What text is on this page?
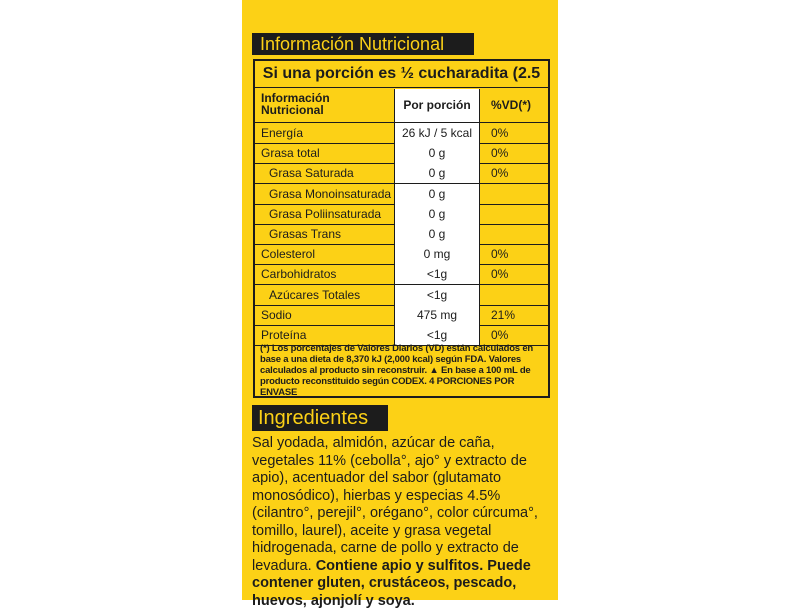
Información Nutricional
Si una porción es ½ cucharadita (2.5
Información
Nutricional	Por porción	%VD(*)
Energía	26 kJ / 5 kcal	0%
Grasa total	0 g	0%
Grasa Saturada	0 g	0%
Grasa Monoinsaturada	0 g
Grasa Poliinsaturada	0 g
Grasas Trans	0 g
Colesterol	0 mg	0%
Carbohidratos	<1g	0%
Azúcares Totales	<1g
Sodio	475 mg	21%
Proteína	<1g	0%
(*) Los porcentajes de Valores Diarios (VD) están calculados en base a una dieta de 8,370 kJ (2,000 kcal) según FDA. Valores calculados al producto sin reconstruir. ▲ En base a 100 mL de producto reconstituido según CODEX. 4 PORCIONES POR ENVASE
Ingredientes
Sal yodada, almidón, azúcar de caña, vegetales 11% (cebolla°, ajo° y extracto de apio), acentuador del sabor (glutamato monosódico), hierbas y especias 4.5% (cilantro°, perejil°, orégano°, color cúrcuma°, tomillo, laurel), aceite y grasa vegetal hidrogenada, carne de pollo y extracto de levadura. Contiene apio y sulfitos. Puede contener gluten, crustáceos, pescado, huevos, ajonjolí y soya.
